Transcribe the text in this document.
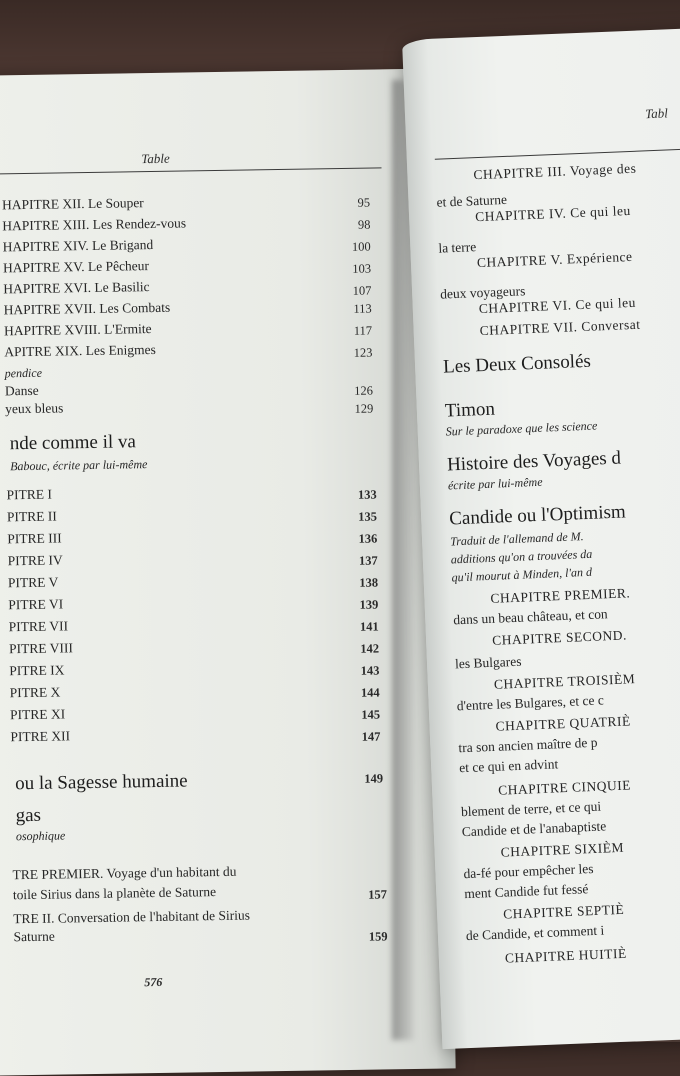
Table
HAPITRE XII. Le Souper	95
HAPITRE XIII. Les Rendez-vous	98
HAPITRE XIV. Le Brigand	100
HAPITRE XV. Le Pêcheur	103
HAPITRE XVI. Le Basilic	107
HAPITRE XVII. Les Combats	113
HAPITRE XVIII. L'Ermite	117
APITRE XIX. Les Enigmes	123
pendice
Danse	126
yeux bleus	129
nde comme il va
Babouc, écrite par lui-même
PITRE I	133
PITRE II	135
PITRE III	136
PITRE IV	137
PITRE V	138
PITRE VI	139
PITRE VII	141
PITRE VIII	142
PITRE IX	143
PITRE X	144
PITRE XI	145
PITRE XII	147
ou la Sagesse humaine	149
gas
osophique
TRE PREMIER. Voyage d'un habitant du
toile Sirius dans la planète de Saturne	157
TRE II. Conversation de l'habitant de Sirius
Saturne	159
576
Tabl
CHAPITRE III. Voyage des
et de Saturne
CHAPITRE IV. Ce qui leu
la terre
CHAPITRE V. Expérience
deux voyageurs
CHAPITRE VI. Ce qui leu
CHAPITRE VII. Conversat
Les Deux Consolés
Timon
Sur le paradoxe que les science
Histoire des Voyages d
écrite par lui-même
Candide ou l'Optimism
Traduit de l'allemand de M.
additions qu'on a trouvées da
qu'il mourut à Minden, l'an d
CHAPITRE PREMIER.
dans un beau château, et con
CHAPITRE SECOND.
les Bulgares
CHAPITRE TROISIÈM
d'entre les Bulgares, et ce c
CHAPITRE QUATRIÈ
tra son ancien maître de p
et ce qui en advint
CHAPITRE CINQUIE
blement de terre, et ce qui
Candide et de l'anabaptiste
CHAPITRE SIXIÈM
da-fé pour empêcher les
ment Candide fut fessé
CHAPITRE SEPTIÈ
de Candide, et comment i
CHAPITRE HUITIÈ
